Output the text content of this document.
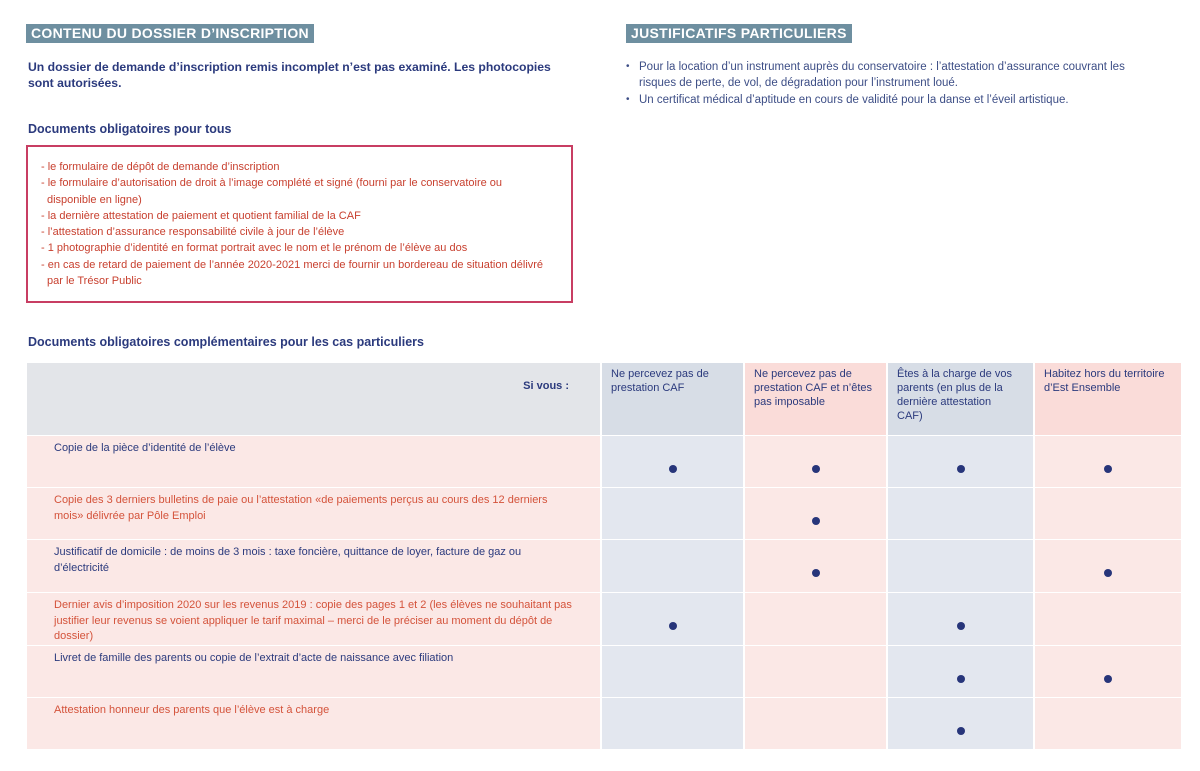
CONTENU DU DOSSIER D’INSCRIPTION	JUSTIFICATIFS PARTICULIERS
Un dossier de demande d’inscription remis incomplet n’est pas examiné. Les photocopies sont autorisées.
Documents obligatoires pour tous
- le formulaire de dépôt de demande d’inscription
- le formulaire d’autorisation de droit à l’image complété et signé (fourni par le conservatoire ou
disponible en ligne)
- la dernière attestation de paiement et quotient familial de la CAF
- l’attestation d’assurance responsabilité civile à jour de l’élève
- 1 photographie d’identité en format portrait avec le nom et le prénom de l’élève au dos
- en cas de retard de paiement de l’année 2020-2021 merci de fournir un bordereau de situation délivré
par le Trésor Public
• Pour la location d’un instrument auprès du conservatoire : l’attestation d’assurance couvrant les risques de perte, de vol, de dégradation pour l’instrument loué.
• Un certificat médical d’aptitude en cours de validité pour la danse et l’éveil artistique.
Documents obligatoires complémentaires pour les cas particuliers
Si vous :
Ne percevez pas de prestation CAF
Ne percevez pas de prestation CAF et n’êtes pas imposable
Êtes à la charge de vos parents (en plus de la dernière attestation CAF)
Habitez hors du territoire d’Est Ensemble
Copie de la pièce d’identité de l’élève
Copie des 3 derniers bulletins de paie ou l’attestation «de paiements perçus au cours des 12 derniers mois» délivrée par Pôle Emploi
Justificatif de domicile : de moins de 3 mois : taxe foncière, quittance de loyer, facture de gaz ou d’électricité
Dernier avis d’imposition 2020 sur les revenus 2019 : copie des pages 1 et 2 (les élèves ne souhaitant pas justifier leur revenus se voient appliquer le tarif maximal – merci de le préciser au moment du dépôt de dossier)
Livret de famille des parents ou copie de l’extrait d’acte de naissance avec filiation
Attestation honneur des parents que l’élève est à charge
